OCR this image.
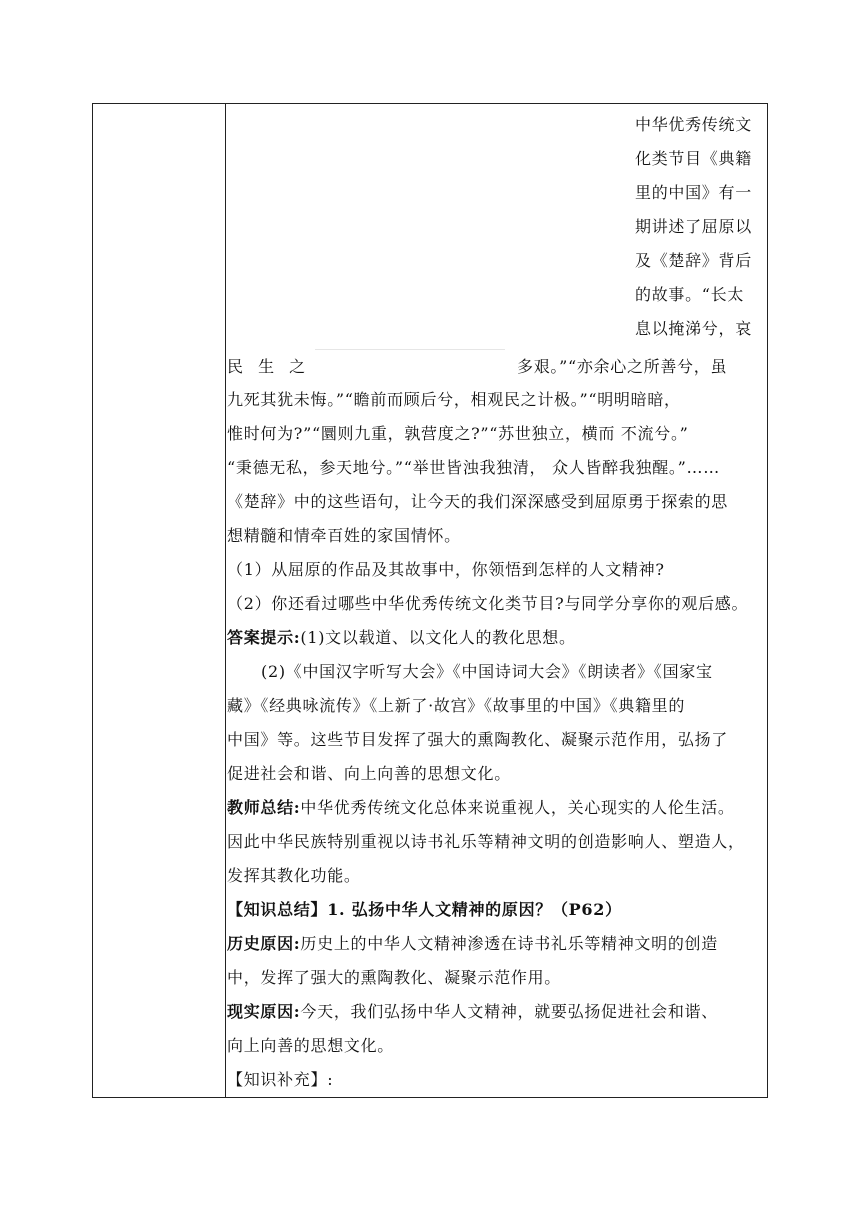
中华优秀传统文
化类节目《典籍
里的中国》有一
期讲述了屈原以
及《楚辞》背后
的故事。“长太
息以掩涕兮，哀
民 生 之	多艰。”“亦余心之所善兮，虽
九死其犹未悔。”“瞻前而顾后兮，相观民之计极。”“明明暗暗，
惟时何为?”“圜则九重，孰营度之?”“苏世独立，横而 不流兮。”
“秉德无私，参天地兮。”“举世皆浊我独清， 众人皆醉我独醒。”……
《楚辞》中的这些语句，让今天的我们深深感受到屈原勇于探索的思
想精髓和情牵百姓的家国情怀。
（1）从屈原的作品及其故事中，你领悟到怎样的人文精神?
（2）你还看过哪些中华优秀传统文化类节目?与同学分享你的观后感。
答案提示:(1)文以载道、以文化人的教化思想。
(2)《中国汉字听写大会》《中国诗词大会》《朗读者》《国家宝
藏》《经典咏流传》《上新了·故宫》《故事里的中国》《典籍里的
中国》等。这些节目发挥了强大的熏陶教化、凝聚示范作用，弘扬了
促进社会和谐、向上向善的思想文化。
教师总结:中华优秀传统文化总体来说重视人，关心现实的人伦生活。
因此中华民族特别重视以诗书礼乐等精神文明的创造影响人、塑造人，
发挥其教化功能。
【知识总结】1. 弘扬中华人文精神的原因？（P62）
历史原因:历史上的中华人文精神渗透在诗书礼乐等精神文明的创造
中，发挥了强大的熏陶教化、凝聚示范作用。
现实原因:今天，我们弘扬中华人文精神，就要弘扬促进社会和谐、
向上向善的思想文化。
【知识补充】:
